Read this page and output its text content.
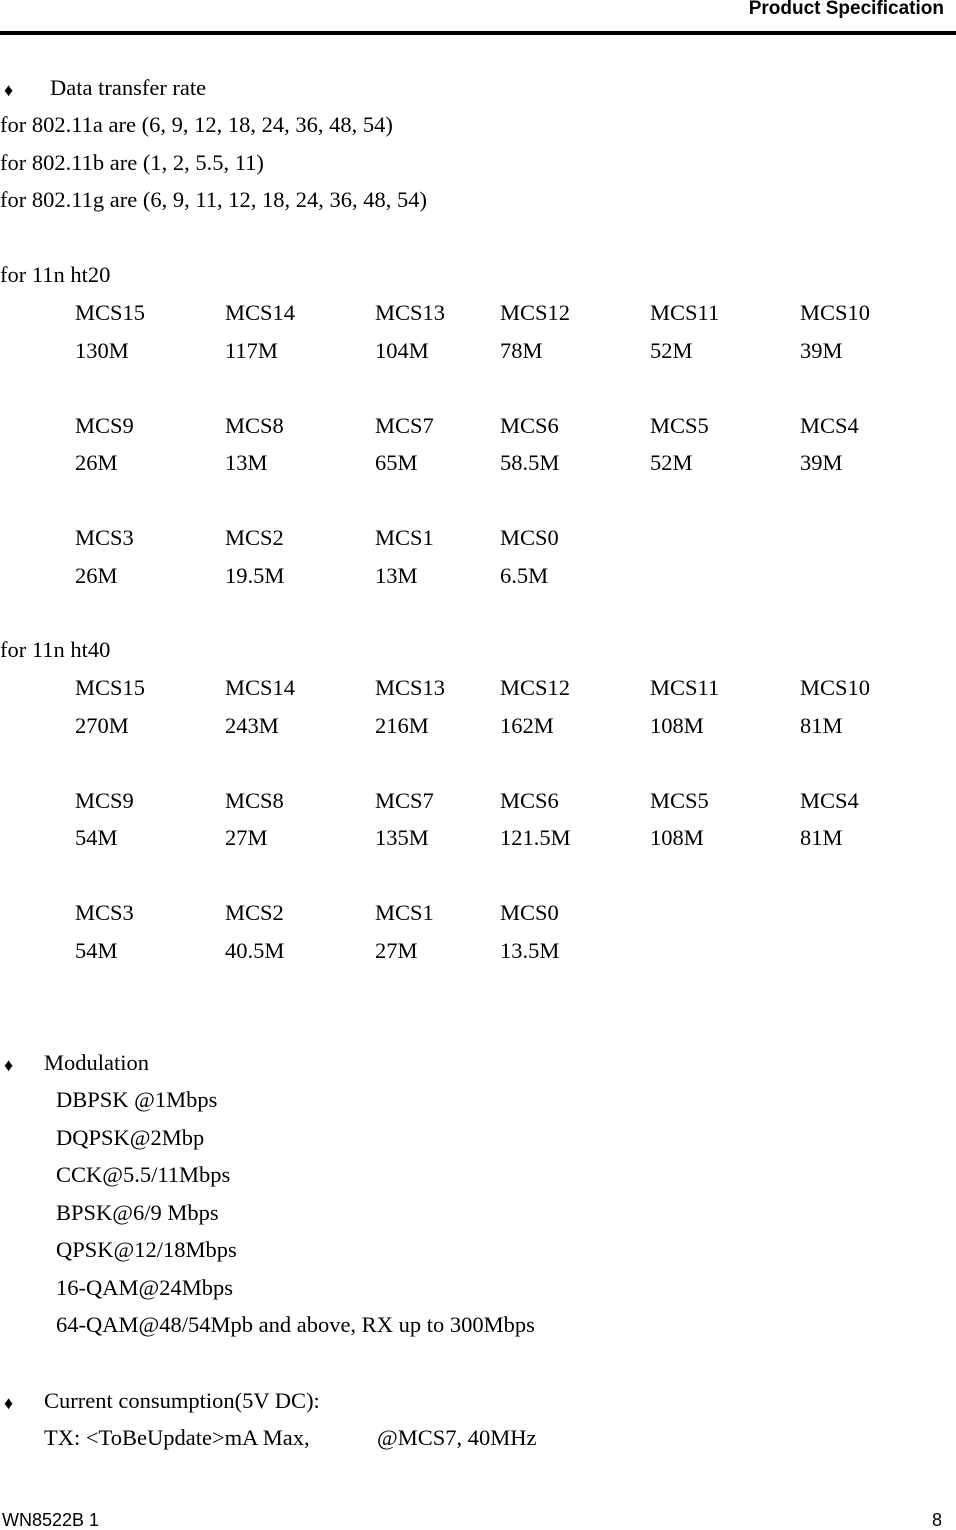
Product Specification
♦ Data transfer rate
for 802.11a are (6, 9, 12, 18, 24, 36, 48, 54)
for 802.11b are (1, 2, 5.5, 11)
for 802.11g are (6, 9, 11, 12, 18, 24, 36, 48, 54)
for 11n ht20
MCS15	MCS14	MCS13 MCS12	MCS11	MCS10
130M	117M	104M	78M	52M	39M
MCS9	MCS8	MCS7	MCS6	MCS5	MCS4
26M	13M	65M	58.5M	52M	39M
MCS3	MCS2	MCS1	MCS0
26M	19.5M	13M	6.5M
for 11n ht40
MCS15	MCS14	MCS13 MCS12	MCS11	MCS10
270M	243M	216M	162M	108M	81M
MCS9	MCS8	MCS7	MCS6	MCS5	MCS4
54M	27M	135M	121.5M	108M	81M
MCS3	MCS2	MCS1	MCS0
54M	40.5M	27M	13.5M
♦ Modulation
DBPSK @1Mbps
DQPSK@2Mbp
CCK@5.5/11Mbps
BPSK@6/9 Mbps
QPSK@12/18Mbps
16-QAM@24Mbps
64-QAM@48/54Mpb and above, RX up to 300Mbps
♦ Current consumption(5V DC):
TX: <ToBeUpdate>mA Max,	@MCS7, 40MHz
WN8522B 1	8
